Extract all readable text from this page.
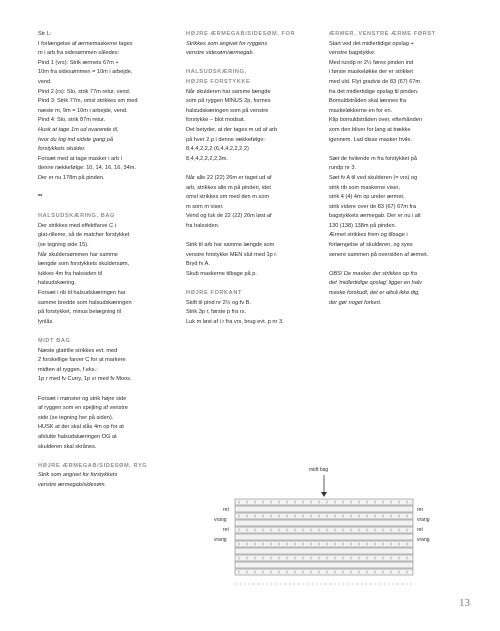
Str L:
I forlængelse af ærmemaskerne tages
m i arb fra sidesømmen således:
Pind 1 (vrs): Strik ærmets 67m +
10m fra sidesømmen = 10m i arbejde,
vend.
Pind 2 (rs): Slo, strik 77m retur, vend.
Pind 3: Strik 77m, omsl strikkes sm med
næste m, 9m = 10m i arbejde, vend.
Pind 4: Slo, strik 87m retur.
Husk at tage 1m ud ovarende til,
hvor du tog ind sidste gang på
forstykkets skulder.
Forsæt med at tage masker i arb i
denne rækkefølge: 10, 14, 16, 16, 34m.
Der er nu 178m på pinden.
**
HALSUDSKÆRING, BAG
Der strikkes med effektfarve C i
glat-rilleme, så de matcher forstykket
(se tegning side 15).
Når skuldersømmen har samme
længde som forstykkets skuldersøm,
lukkes 4m fra halssiden til
halsudskæring.
Forsæt i rib til halsudskæringen har
samme bredde som halsudskæringen
på forstykket, minus belægning til
lynlås.
MIDT BAG
Næste glatrille strikkes evt. med
2 forskellige farver C for at markere
midten af ryggen, f.eks.:
1p r med fv Curry, 1p vr med fv Moos.
Forsæt i mønster og strik højre side
af ryggen som en spejling af venstre
side (se tegning her på siden).
HUSK at der skal slås 4m op for at
afslutte halsudskæringen OG at
skulderen skal skrånes.
HØJRE ÆRMEGAB/SIDESØM, RYG
Strik som angivet for forstykkets
venstre ærmegab/sidesøm.
HØJRE ÆRMEGAB/SIDESØM, FOR
Strikkes som angivet for ryggens
venstre sidesøm/ærmegab.
HALSUDSKÆRING,
HØJRE FORSTYKKE
Når skulderen har samme længde
som på ryggen MINUS 2p, formes
halsudskæringen som på venstre
forstykke – blot modsat.
Det betyder, at der tages m ud af arb
på hver 2.p i denne rækkefølge:
8,4,4,2,2,2 (6,4,4,2,2,2,2)
8,4,4,2,2,2,2,3m.
Når alle 22 (22) 26m er taget ud af
arb, strikkes alle m på pinden, idet
omsl strikkes sm med den m som
m som m viser.
Vend og luk de 22 (22) 26m løst af
fra halssiden.
Strik til arb har samme længde som
venstre forstykke MEN slut med 1p r.
Bryd fv A.
Skub maskerne tilbage på p.
HØJRE FORKANT
Skift til pind nr 2½ og fv B.
Strik 3p r, første p fra rs.
Luk m løst af i r fra vrs, brug evt. p nr 3.
ÆRMER, VENSTRE ÆRME FØRST
Start ved det midlertidige opslag +
venstre bagstykke.
Med rundp nr 2½ føres pinden ind
i første maskeløkke der er strikket
med uld. Flyt gradvis de 83 (67) 67m
fra det midlertidige opslag til pinden.
Bomuldstråden skal lænnes fra
maskeløkkerne en for en.
Klip bomuldstråden over, efterhånden
som den bliver for lang at trække
igennem. Lad disse masker hvile.
Sæt de hvilende m fra forstykket på
rundp nr 3.
Sæt fv A til ved skulderen (= vrs) og
strik rib som maskerne viser,
strik 4 (4) 4m op under ærmet,
strik videre over de 83 (67) 67m fra
bagstykkets ærmegab. Der er nu i alt
130 (138) 138m på pinden.
Ærmet strikkes frem og tilbage i
forlængelse af skulderen, og syes
senere sammen på oversiden af ærmet.
OBS! De masker der strikkes op fra
det 'midlertidige opslag' ligger en halv
maske forskudt, det er altså ikke dig,
der gør noget forkert.
midt bag
ret
vrang
ret
vrang
ret
vrang
ret
vrang
13
